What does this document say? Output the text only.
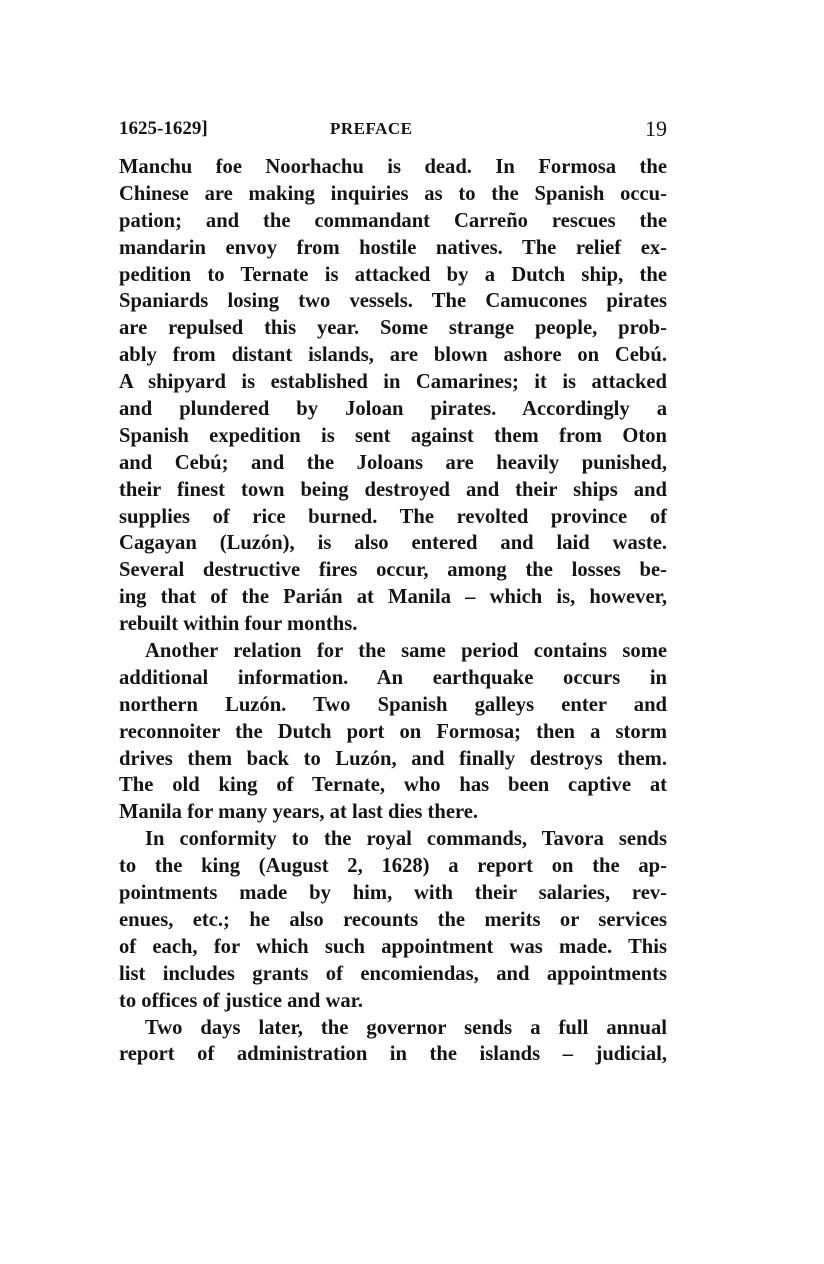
1625-1629]	PREFACE	19
Manchu foe Noorhachu is dead. In Formosa the
Chinese are making inquiries as to the Spanish occu-
pation; and the commandant Carreño rescues the
mandarin envoy from hostile natives. The relief ex-
pedition to Ternate is attacked by a Dutch ship, the
Spaniards losing two vessels. The Camucones pirates
are repulsed this year. Some strange people, prob-
ably from distant islands, are blown ashore on Cebú.
A shipyard is established in Camarines; it is attacked
and plundered by Joloan pirates. Accordingly a
Spanish expedition is sent against them from Oton
and Cebú; and the Joloans are heavily punished,
their finest town being destroyed and their ships and
supplies of rice burned. The revolted province of
Cagayan (Luzón), is also entered and laid waste.
Several destructive fires occur, among the losses be-
ing that of the Parián at Manila – which is, however,
rebuilt within four months.
Another relation for the same period contains some
additional information. An earthquake occurs in
northern Luzón. Two Spanish galleys enter and
reconnoiter the Dutch port on Formosa; then a storm
drives them back to Luzón, and finally destroys them.
The old king of Ternate, who has been captive at
Manila for many years, at last dies there.
In conformity to the royal commands, Tavora sends
to the king (August 2, 1628) a report on the ap-
pointments made by him, with their salaries, rev-
enues, etc.; he also recounts the merits or services
of each, for which such appointment was made. This
list includes grants of encomiendas, and appointments
to offices of justice and war.
Two days later, the governor sends a full annual
report of administration in the islands – judicial,
